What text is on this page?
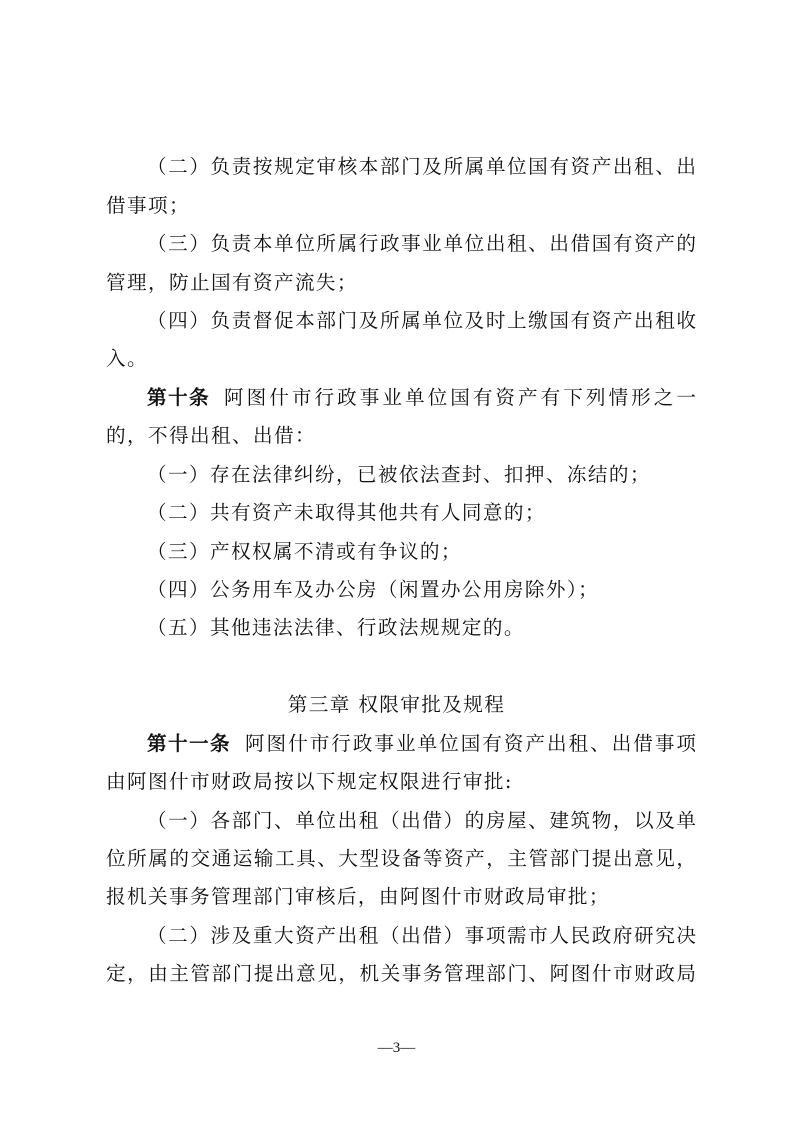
（二）负责按规定审核本部门及所属单位国有资产出租、出
借事项；
（三）负责本单位所属行政事业单位出租、出借国有资产的
管理，防止国有资产流失；
（四）负责督促本部门及所属单位及时上缴国有资产出租收
入。
第十条 阿图什市行政事业单位国有资产有下列情形之一
的，不得出租、出借：
（一）存在法律纠纷，已被依法查封、扣押、冻结的；
（二）共有资产未取得其他共有人同意的；
（三）产权权属不清或有争议的；
（四）公务用车及办公房（闲置办公用房除外）；
（五）其他违法法律、行政法规规定的。
第三章 权限审批及规程
第十一条 阿图什市行政事业单位国有资产出租、出借事项
由阿图什市财政局按以下规定权限进行审批:
（一）各部门、单位出租（出借）的房屋、建筑物，以及单
位所属的交通运输工具、大型设备等资产，主管部门提出意见，
报机关事务管理部门审核后，由阿图什市财政局审批；
（二）涉及重大资产出租（出借）事项需市人民政府研究决
定，由主管部门提出意见，机关事务管理部门、阿图什市财政局
—3—
